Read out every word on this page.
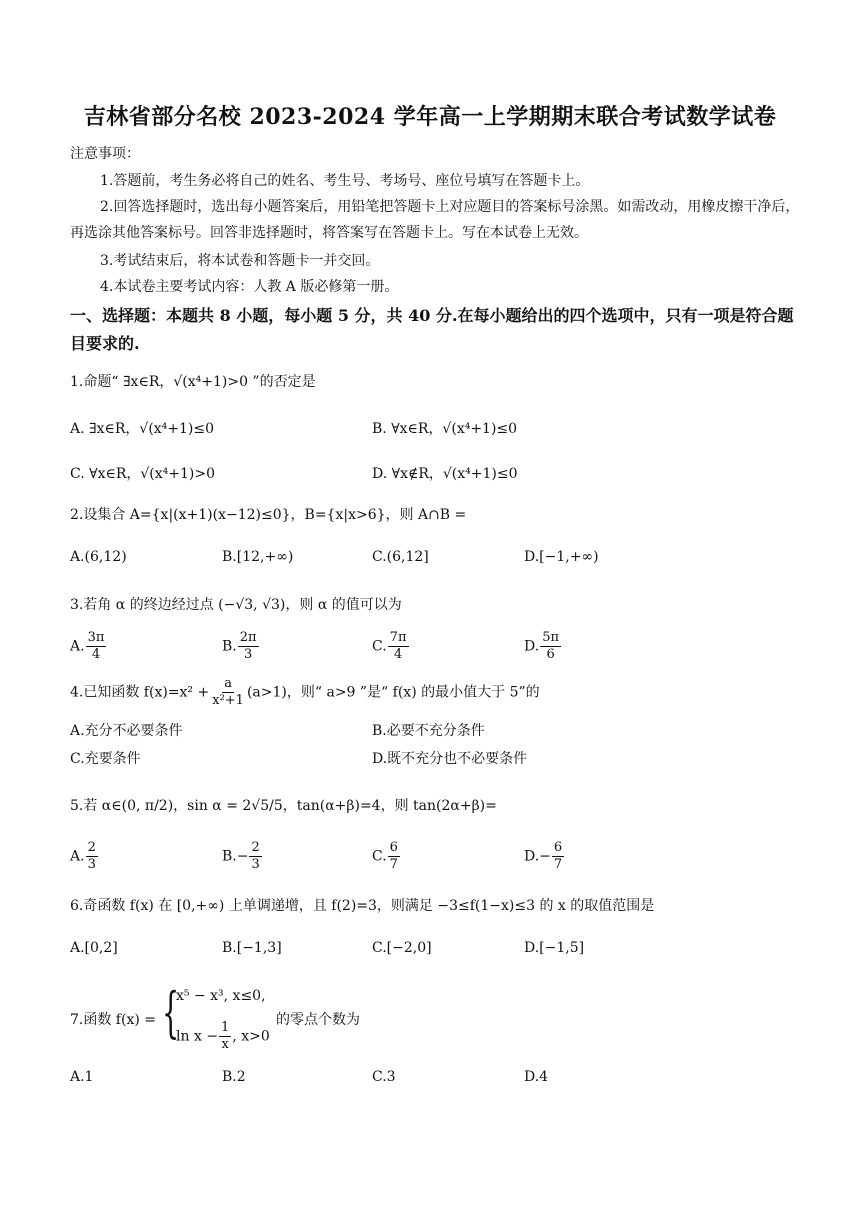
吉林省部分名校 2023-2024 学年高一上学期期末联合考试数学试卷
注意事项：
1.答题前，考生务必将自己的姓名、考生号、考场号、座位号填写在答题卡上。
2.回答选择题时，选出每小题答案后，用铅笔把答题卡上对应题目的答案标号涂黑。如需改动，用橡皮擦干净后，再选涂其他答案标号。回答非选择题时，将答案写在答题卡上。写在本试卷上无效。
3.考试结束后，将本试卷和答题卡一并交回。
4.本试卷主要考试内容：人教 A 版必修第一册。
一、选择题：本题共 8 小题，每小题 5 分，共 40 分.在每小题给出的四个选项中，只有一项是符合题目要求的.
1.命题“ ∃x∈R，√(x⁴+1)>0 ”的否定是
A. ∃x∈R，√(x⁴+1)≤0	B. ∀x∈R，√(x⁴+1)≤0
C. ∀x∈R，√(x⁴+1)>0	D. ∀x∉R，√(x⁴+1)≤0
2.设集合 A={x|(x+1)(x−12)≤0}，B={x|x>6}，则 A∩B =
A.(6,12)	B.[12,+∞)	C.(6,12]	D.[−1,+∞)
3.若角 α 的终边经过点 (−√3, √3)，则 α 的值可以为
A. $\frac{3\pi}{4}$	B. $\frac{2\pi}{3}$	C. $\frac{7\pi}{4}$	D. $\frac{5\pi}{6}$
4.已知函数 $f(x)=x^2 + \frac{a}{\text{x²+1}} (a>1)$，则“ a>9 ”是“ f(x) 的最小值大于 5”的
A.充分不必要条件	B.必要不充分条件
C.充要条件	D.既不充分也不必要条件
5.若 α∈(0, π/2)，sin α = 2√5/5，tan(α+β)=4，则 tan(2α+β)=
A. $\frac{2}{3}$	$B.- \frac{2}{3}$	C. $\frac{6}{7}$	$D.- \frac{6}{7}$
6.奇函数 f(x) 在 [0,+∞) 上单调递增，且 f(2)=3，则满足 −3≤f(1−x)≤3 的 x 的取值范围是
A.[0,2]	B.[−1,3]	C.[−2,0]	D.[−1,5]
7.函数 f(x) = {
x⁵ − x³, x≤0,
$\ln x - \frac{1}{x}$ , x>0
的零点个数为
A.1	B.2	C.3	D.4
